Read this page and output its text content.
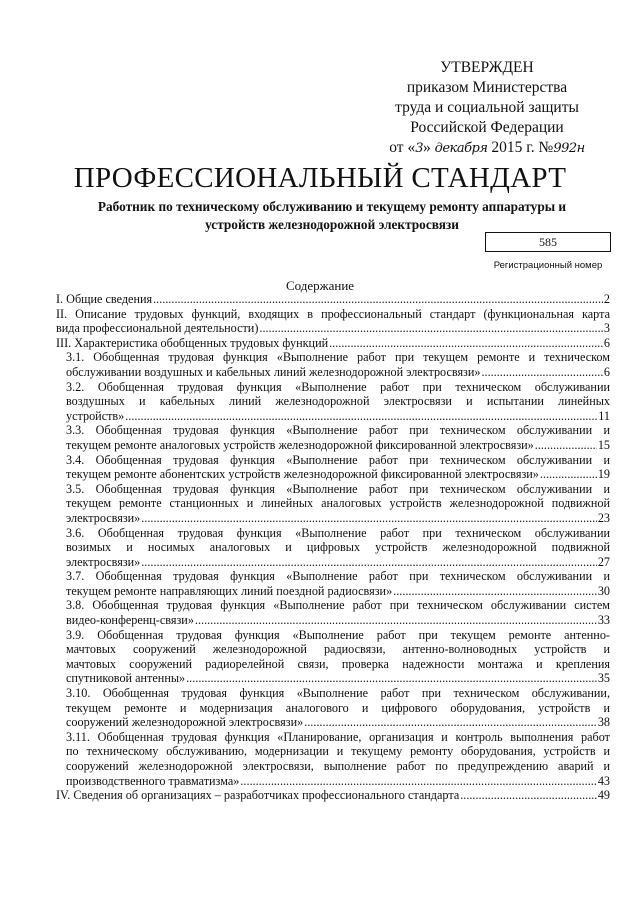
УТВЕРЖДЕН
приказом Министерства
труда и социальной защиты
Российской Федерации
от «3» декабря 2015 г. №992н
ПРОФЕССИОНАЛЬНЫЙ СТАНДАРТ
Работник по техническому обслуживанию и текущему ремонту аппаратуры и
устройств железнодорожной электросвязи
585
Регистрационный номер
Содержание
I. Общие сведения .....	2
II. Описание трудовых функций, входящих в профессиональный стандарт (функциональная карта
вида профессиональной деятельности) .....	3
III. Характеристика обобщенных трудовых функций .....	6
3.1. Обобщенная трудовая функция «Выполнение работ при текущем ремонте и техническом
обслуживании воздушных и кабельных линий железнодорожной электросвязи» .....	6
3.2. Обобщенная трудовая функция «Выполнение работ при техническом обслуживании
воздушных и кабельных линий железнодорожной электросвязи и испытании линейных
устройств» .....	11
3.3. Обобщенная трудовая функция «Выполнение работ при техническом обслуживании и
текущем ремонте аналоговых устройств железнодорожной фиксированной электросвязи» .....	15
3.4. Обобщенная трудовая функция «Выполнение работ при техническом обслуживании и
текущем ремонте абонентских устройств железнодорожной фиксированной электросвязи» .....	19
3.5. Обобщенная трудовая функция «Выполнение работ при техническом обслуживании и
текущем ремонте станционных и линейных аналоговых устройств железнодорожной подвижной
электросвязи» .....	23
3.6. Обобщенная трудовая функция «Выполнение работ при техническом обслуживании
возимых и носимых аналоговых и цифровых устройств железнодорожной подвижной
электросвязи» .....	27
3.7. Обобщенная трудовая функция «Выполнение работ при техническом обслуживании и
текущем ремонте направляющих линий поездной радиосвязи» .....	30
3.8. Обобщенная трудовая функция «Выполнение работ при техническом обслуживании систем
видео-конференц-связи» .....	33
3.9. Обобщенная трудовая функция «Выполнение работ при текущем ремонте антенно-
мачтовых сооружений железнодорожной радиосвязи, антенно-волноводных устройств и
мачтовых сооружений радиорелейной связи, проверка надежности монтажа и крепления
спутниковой антенны» .....	35
3.10. Обобщенная трудовая функция «Выполнение работ при техническом обслуживании,
текущем ремонте и модернизация аналогового и цифрового оборудования, устройств и
сооружений железнодорожной электросвязи» .....	38
3.11. Обобщенная трудовая функция «Планирование, организация и контроль выполнения работ
по техническому обслуживанию, модернизации и текущему ремонту оборудования, устройств и
сооружений железнодорожной электросвязи, выполнение работ по предупреждению аварий и
производственного травматизма» .....	43
IV. Сведения об организациях – разработчиках профессионального стандарта .....	49
